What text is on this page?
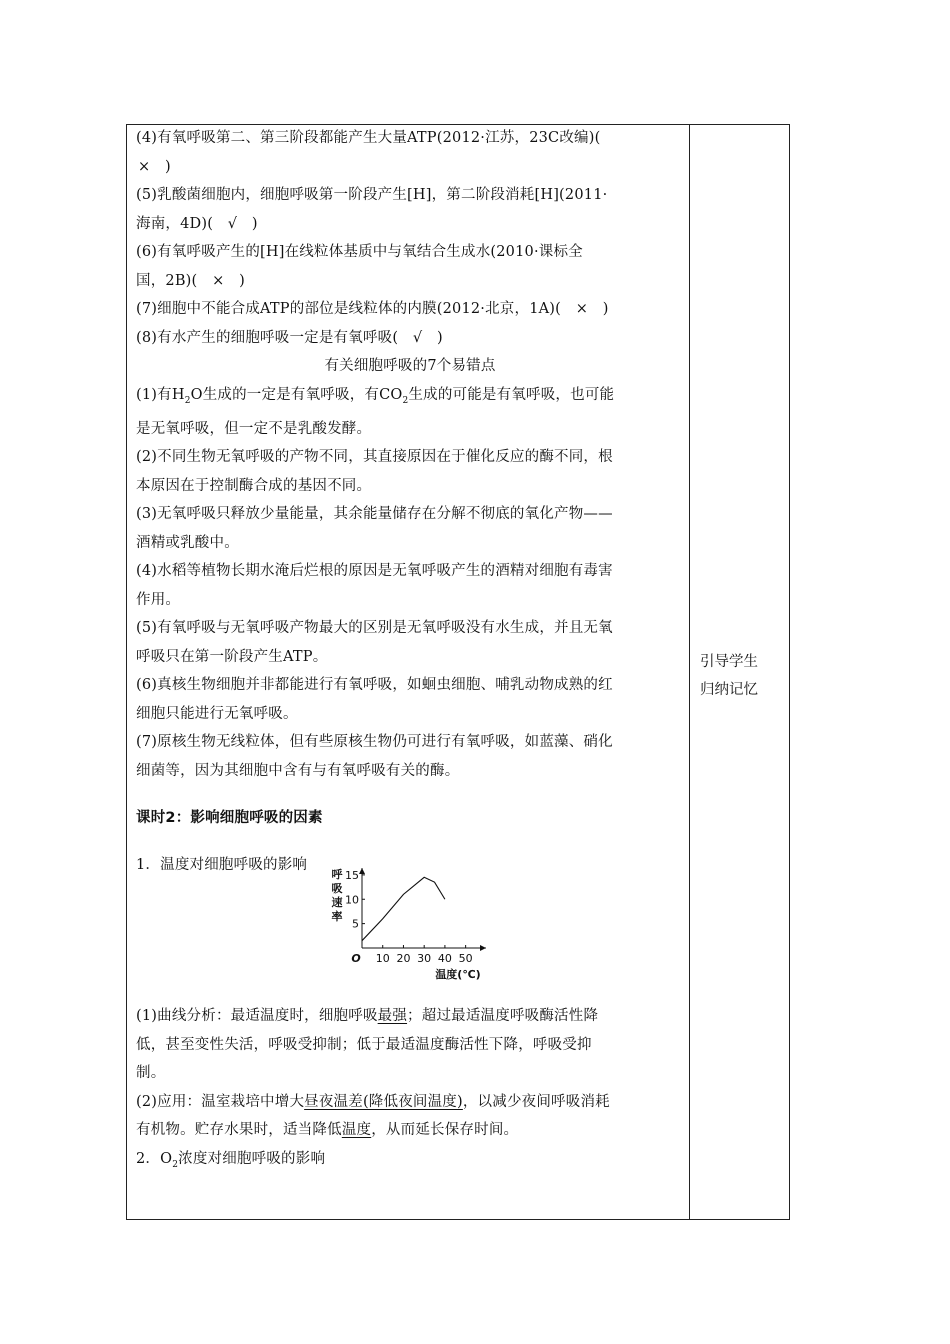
(4)有氧呼吸第二、第三阶段都能产生大量ATP(2012·江苏，23C改编)(
×　)
(5)乳酸菌细胞内，细胞呼吸第一阶段产生[H]，第二阶段消耗[H](2011·
海南，4D)(　√　)
(6)有氧呼吸产生的[H]在线粒体基质中与氧结合生成水(2010·课标全
国，2B)(　×　)
(7)细胞中不能合成ATP的部位是线粒体的内膜(2012·北京，1A)(　×　)
(8)有水产生的细胞呼吸一定是有氧呼吸(　√　)
有关细胞呼吸的7个易错点
(1)有$H_2O$生成的一定是有氧呼吸，有$CO_2$生成的可能是有氧呼吸，也可能
是无氧呼吸，但一定不是乳酸发酵。
(2)不同生物无氧呼吸的产物不同，其直接原因在于催化反应的酶不同，根
本原因在于控制酶合成的基因不同。
(3)无氧呼吸只释放少量能量，其余能量储存在分解不彻底的氧化产物——
酒精或乳酸中。
(4)水稻等植物长期水淹后烂根的原因是无氧呼吸产生的酒精对细胞有毒害
作用。
(5)有氧呼吸与无氧呼吸产物最大的区别是无氧呼吸没有水生成，并且无氧
呼吸只在第一阶段产生ATP。
(6)真核生物细胞并非都能进行有氧呼吸，如蛔虫细胞、哺乳动物成熟的红
细胞只能进行无氧呼吸。
(7)原核生物无线粒体，但有些原核生物仍可进行有氧呼吸，如蓝藻、硝化
细菌等，因为其细胞中含有与有氧呼吸有关的酶。
课时2：影响细胞呼吸的因素
1．温度对细胞呼吸的影响
(1)曲线分析：最适温度时，细胞呼吸最强；超过最适温度呼吸酶活性降
低，甚至变性失活，呼吸受抑制；低于最适温度酶活性下降，呼吸受抑
制。
(2)应用：温室栽培中增大昼夜温差(降低夜间温度)，以减少夜间呼吸消耗
有机物。贮存水果时，适当降低温度，从而延长保存时间。
2．$O_2$浓度对细胞呼吸的影响
引导学生
归纳记忆
10 20 30 40 50
5
10
15
O
呼
吸
速
率
温度(℃)
